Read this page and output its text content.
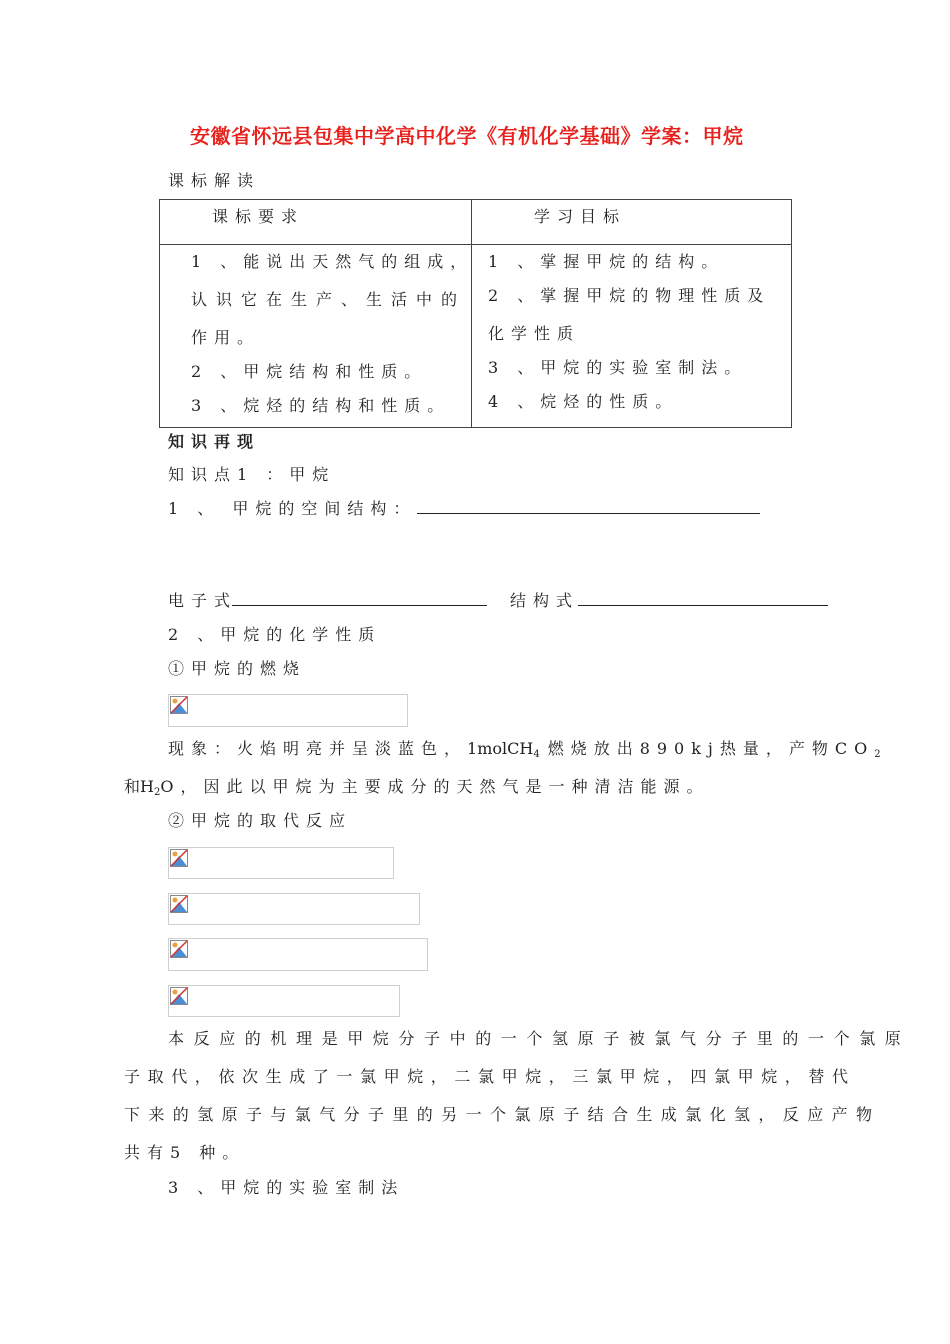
安徽省怀远县包集中学高中化学《有机化学基础》学案：甲烷
课标解读
课标要求	学习目标

1 、能说出天然气的组成，
认识它在生产、生活中的
作用。
2 、甲烷结构和性质。
3 、烷烃的结构和性质。	1 、掌握甲烷的结构。
2 、掌握甲烷的物理性质及
化学性质
3 、甲烷的实验室制法。
4 、烷烃的性质。
知识再现
知识点1 ：甲烷
1 、 甲烷的空间结构：
电子式	结构式
2 、甲烷的化学性质
①甲烷的燃烧
现象：火焰明亮并呈淡蓝色，1molCH$_4$ 燃烧放出890kj热量，产物$CO_2$
和$H_2O$，因此以甲烷为主要成分的天然气是一种清洁能源。
②甲烷的取代反应
本反应的机理是甲烷分子中的一个氢原子被氯气分子里的一个氯原
子取代，依次生成了一氯甲烷，二氯甲烷，三氯甲烷，四氯甲烷，替代
下来的氢原子与氯气分子里的另一个氯原子结合生成氯化氢，反应产物
共有5 种。
3 、甲烷的实验室制法
